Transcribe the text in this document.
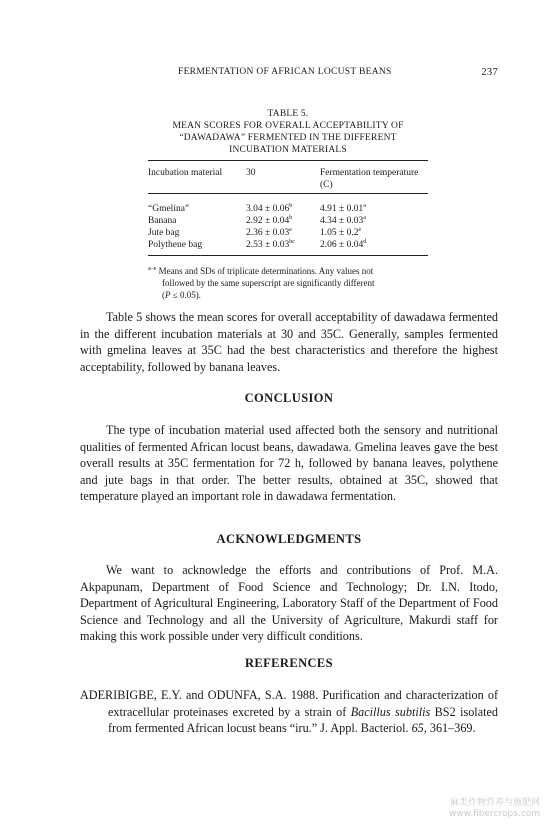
FERMENTATION OF AFRICAN LOCUST BEANS	237
TABLE 5.
MEAN SCORES FOR OVERALL ACCEPTABILITY OF
“DAWADAWA” FERMENTED IN THE DIFFERENT
INCUBATION MATERIALS
Incubation material	30	Fermentation temperature
(C)
“Gmelina”	3.04 ± 0.06$^b$	4.91 ± 0.01$^a$
Banana	2.92 ± 0.04$^b$	4.34 ± 0.03$^a$
Jute bag	2.36 ± 0.03$^e$	1.05 ± 0.2$^e$
Polythene bag	2.53 ± 0.03$^{bc}$	2.06 ± 0.04$^d$
$^{a-e}$ Means and SDs of triplicate determinations. Any values not
followed by the same superscript are significantly different
(P ≤ 0.05).

Table 5 shows the mean scores for overall acceptability of dawadawa fermented in the different incubation materials at 30 and 35C. Generally, samples fermented with gmelina leaves at 35C had the best characteristics and therefore the highest acceptability, followed by banana leaves.

CONCLUSION

The type of incubation material used affected both the sensory and nutritional qualities of fermented African locust beans, dawadawa. Gmelina leaves gave the best overall results at 35C fermentation for 72 h, followed by banana leaves, polythene and jute bags in that order. The better results, obtained at 35C, showed that temperature played an important role in dawadawa fermentation.

ACKNOWLEDGMENTS

We want to acknowledge the efforts and contributions of Prof. M.A. Akpapunam, Department of Food Science and Technology; Dr. I.N. Itodo, Department of Agricultural Engineering, Laboratory Staff of the Department of Food Science and Technology and all the University of Agriculture, Makurdi staff for making this work possible under very difficult conditions.

REFERENCES
ADERIBIGBE, E.Y. and ODUNFA, S.A. 1988. Purification and characterization of extracellular proteinases excreted by a strain of Bacillus subtilis BS2 isolated from fermented African locust beans “iru.” J. Appl. Bacteriol. 65, 361–369.
麻类作物营养与施肥网
www.fibercrops.com
